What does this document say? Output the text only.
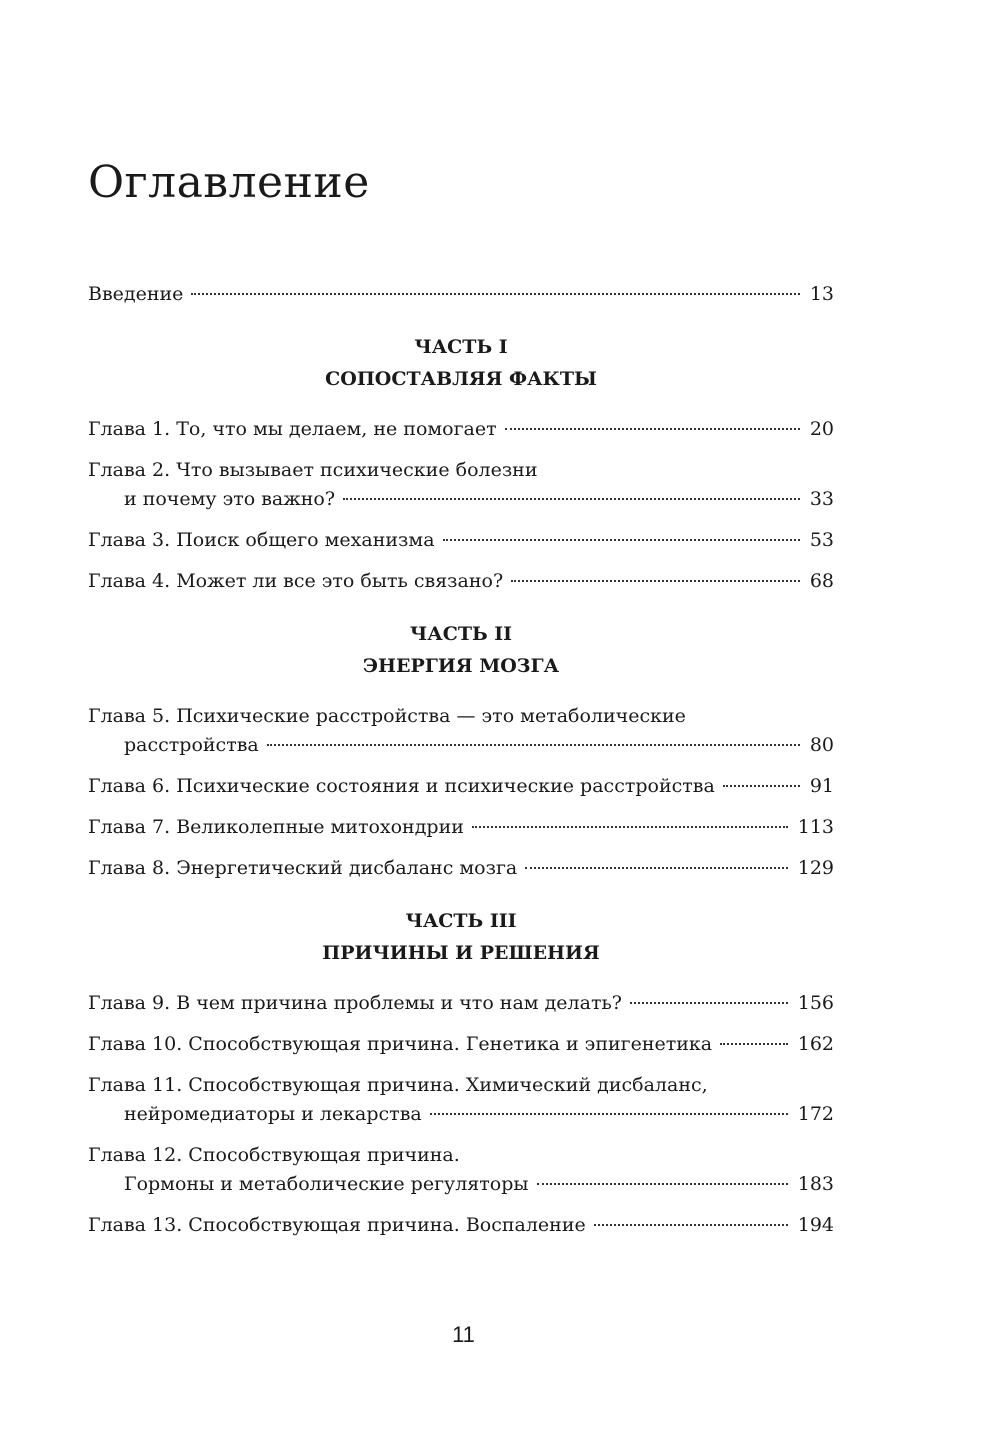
Оглавление
Введение	13
ЧАСТЬ I
СОПОСТАВЛЯЯ ФАКТЫ
Глава 1. То, что мы делаем, не помогает	20
Глава 2. Что вызывает психические болезни
и почему это важно?	33
Глава 3. Поиск общего механизма	53
Глава 4. Может ли все это быть связано?	68
ЧАСТЬ II
ЭНЕРГИЯ МОЗГА
Глава 5. Психические расстройства — это метаболические
расстройства	80
Глава 6. Психические состояния и психические расстройства	91
Глава 7. Великолепные митохондрии	113
Глава 8. Энергетический дисбаланс мозга	129
ЧАСТЬ III
ПРИЧИНЫ И РЕШЕНИЯ
Глава 9. В чем причина проблемы и что нам делать?	156
Глава 10. Способствующая причина. Генетика и эпигенетика	162
Глава 11. Способствующая причина. Химический дисбаланс,
нейромедиаторы и лекарства	172
Глава 12. Способствующая причина.
Гормоны и метаболические регуляторы	183
Глава 13. Способствующая причина. Воспаление	194
11
